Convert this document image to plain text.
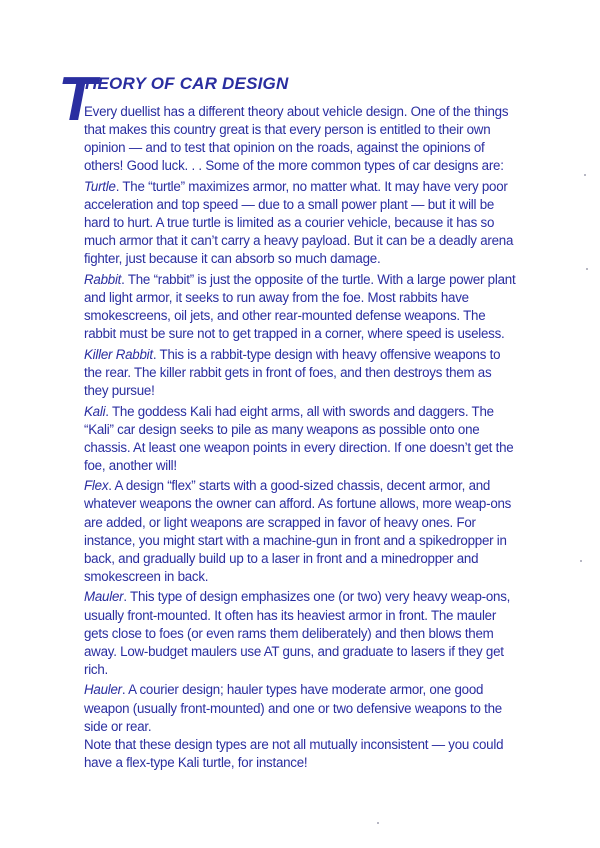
T
HEORY OF CAR DESIGN

Every duellist has a different theory about vehicle design. One of the things that makes this country great is that every person is entitled to their own opinion — and to test that opinion on the roads, against the opinions of others! Good luck. . . Some of the more common types of car designs are:

Turtle. The “turtle” maximizes armor, no matter what. It may have very poor acceleration and top speed — due to a small power plant — but it will be hard to hurt. A true turtle is limited as a courier vehicle, because it has so much armor that it can’t carry a heavy payload. But it can be a deadly arena fighter, just because it can absorb so much damage.

Rabbit. The “rabbit” is just the opposite of the turtle. With a large power plant and light armor, it seeks to run away from the foe. Most rabbits have smokescreens, oil jets, and other rear-mounted defense weapons. The rabbit must be sure not to get trapped in a corner, where speed is useless.

Killer Rabbit. This is a rabbit-type design with heavy offensive weapons to the rear. The killer rabbit gets in front of foes, and then destroys them as they pursue!

Kali. The goddess Kali had eight arms, all with swords and daggers. The “Kali” car design seeks to pile as many weapons as possible onto one chassis. At least one weapon points in every direction. If one doesn’t get the foe, another will!

Flex. A design “flex” starts with a good-sized chassis, decent armor, and whatever weapons the owner can afford. As fortune allows, more weap-ons are added, or light weapons are scrapped in favor of heavy ones. For instance, you might start with a machine-gun in front and a spikedropper in back, and gradually build up to a laser in front and a minedropper and smokescreen in back.

Mauler. This type of design emphasizes one (or two) very heavy weap-ons, usually front-mounted. It often has its heaviest armor in front. The mauler gets close to foes (or even rams them deliberately) and then blows them away. Low-budget maulers use AT guns, and graduate to lasers if they get rich.

Hauler. A courier design; hauler types have moderate armor, one good weapon (usually front-mounted) and one or two defensive weapons to the side or rear.

Note that these design types are not all mutually inconsistent — you could have a flex-type Kali turtle, for instance!
